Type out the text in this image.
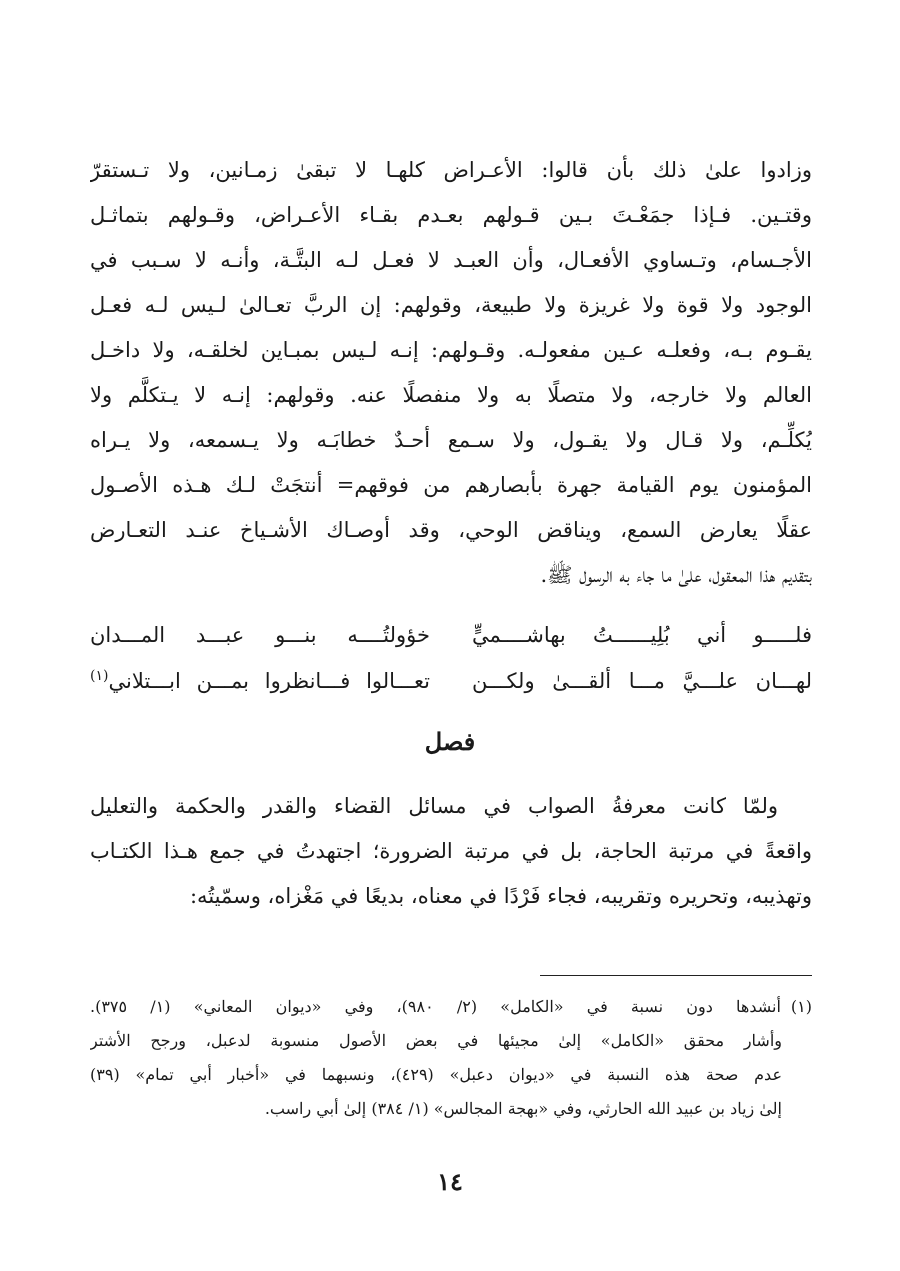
وزادوا علىٰ ذلك بأن قالوا: الأعـراض كلهـا لا تبقىٰ زمـانين، ولا تـستقرّ
وقتـين. فـإذا جمَعْـتَ بـين قـولهم بعـدم بقـاء الأعـراض، وقـولهم بتماثـل
الأجـسام، وتـساوي الأفعـال، وأن العبـد لا فعـل لـه البتَّـة، وأنـه لا سـبب في
الوجود ولا قوة ولا غريزة ولا طبيعة، وقولهم: إن الربَّ تعـالىٰ لـيس لـه فعـل
يقـوم بـه، وفعلـه عـين مفعولـه. وقـولهم: إنـه لـيس بمبـاين لخلقـه، ولا داخـل
العالم ولا خارجه، ولا متصلًا به ولا منفصلًا عنه. وقولهم: إنـه لا يـتكلَّم ولا
يُكلِّـم، ولا قـال ولا يقـول، ولا سـمع أحـدٌ خطابَـه ولا يـسمعه، ولا يـراه
المؤمنون يوم القيامة جهرة بأبصارهم من فوقهم= أنتجَتْ لـك هـذه الأصـول
عقلًا يعارض السمع، ويناقض الوحي، وقد أوصـاك الأشـياخ عنـد التعـارض
بتقديم هذا المعقول، علىٰ ما جاء به الرسول ﷺ.
فلـــــو أني بُلِيــــــتُ بهاشــــميٍّ
خؤولتُــــه بنـــو عبـــد المـــدان
لهـــان علـــيَّ مـــا ألقـــىٰ ولكـــن
تعـــالوا فـــانظروا بمـــن ابـــتلاني$^{(١)}$
فصل
ولمّا كانت معرفةُ الصواب في مسائل القضاء والقدر والحكمة والتعليل
واقعةً في مرتبة الحاجة، بل في مرتبة الضرورة؛ اجتهدتُ في جمع هـذا الكتـاب
وتهذيبه، وتحريره وتقريبه، فجاء فَرْدًا في معناه، بديعًا في مَغْزاه، وسمّيتُه:
(١)أنشدها دون نسبة في «الكامل» (٢/ ٩٨٠)، وفي «ديوان المعاني» (١/ ٣٧٥).
وأشار محقق «الكامل» إلىٰ مجيئها في بعض الأصول منسوبة لدعبل، ورجح الأشتر
عدم صحة هذه النسبة في «ديوان دعبل» (٤٢٩)، ونسبهما في «أخبار أبي تمام» (٣٩)
إلىٰ زياد بن عبيد الله الحارثي، وفي «بهجة المجالس» (١/ ٣٨٤) إلىٰ أبي راسب.
١٤
